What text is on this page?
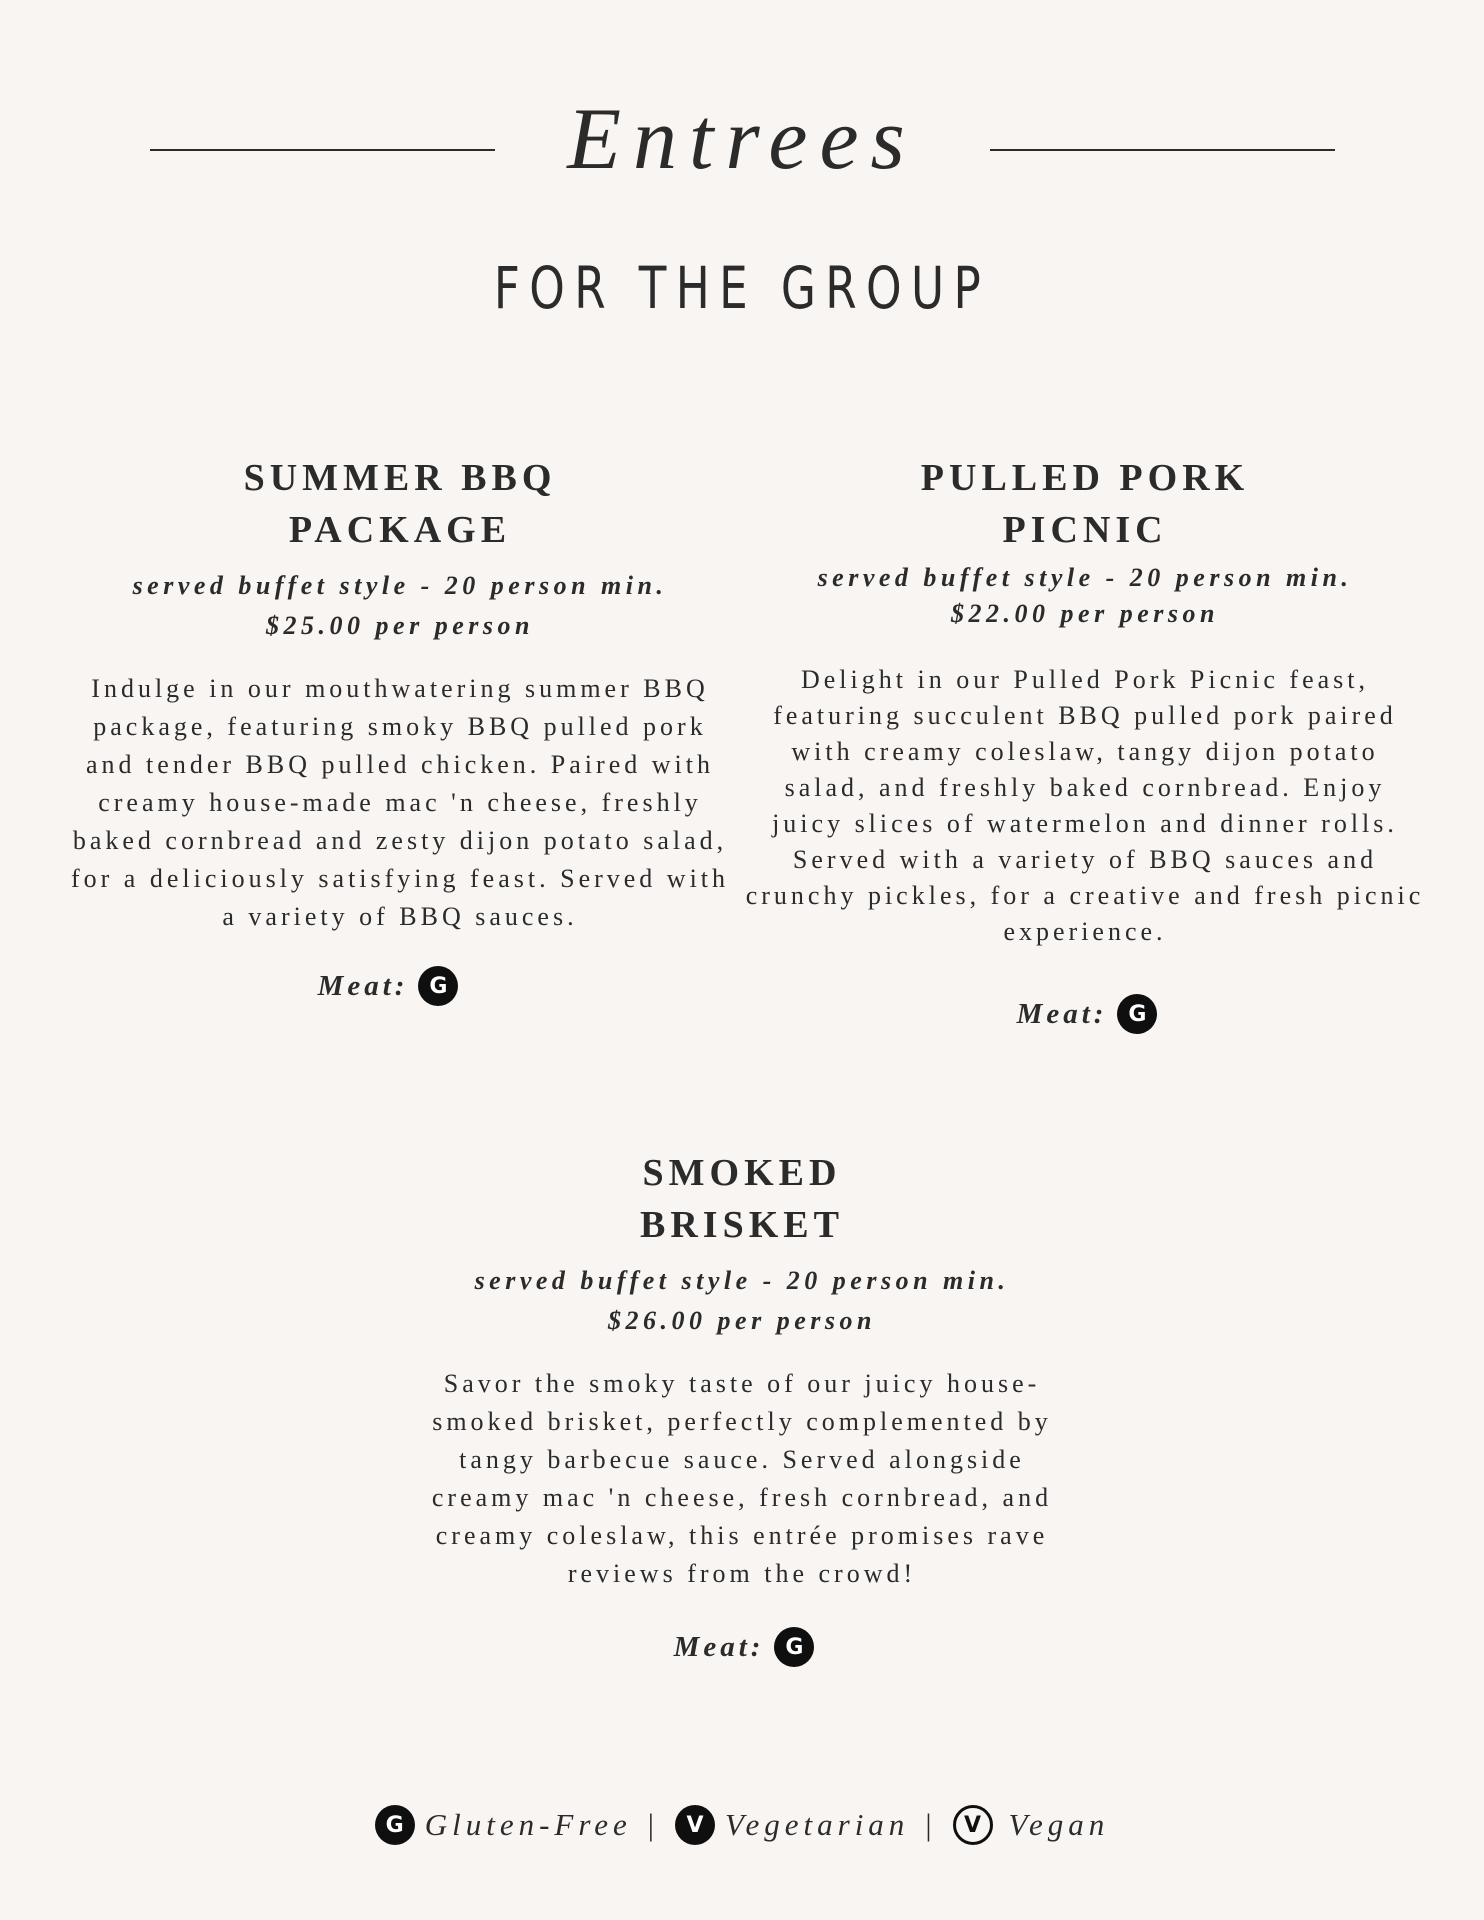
Entrees
FOR THE GROUP
SUMMER BBQ
PACKAGE
served buffet style - 20 person min.
$25.00 per person

Indulge in our mouthwatering summer BBQ package, featuring smoky BBQ pulled pork and tender BBQ pulled chicken. Paired with creamy house-made mac 'n cheese, freshly baked cornbread and zesty dijon potato salad, for a deliciously satisfying feast. Served with a variety of BBQ sauces.

Meat: G
PULLED PORK
PICNIC
served buffet style - 20 person min.
$22.00 per person

Delight in our Pulled Pork Picnic feast, featuring succulent BBQ pulled pork paired with creamy coleslaw, tangy dijon potato salad, and freshly baked cornbread. Enjoy juicy slices of watermelon and dinner rolls. Served with a variety of BBQ sauces and crunchy pickles, for a creative and fresh picnic experience.

Meat: G
SMOKED
BRISKET
served buffet style - 20 person min.
$26.00 per person

Savor the smoky taste of our juicy house-smoked brisket, perfectly complemented by tangy barbecue sauce. Served alongside creamy mac 'n cheese, fresh cornbread, and creamy coleslaw, this entrée promises rave reviews from the crowd!

Meat: G
G Gluten-Free |	V Vegetarian |	V Vegan
